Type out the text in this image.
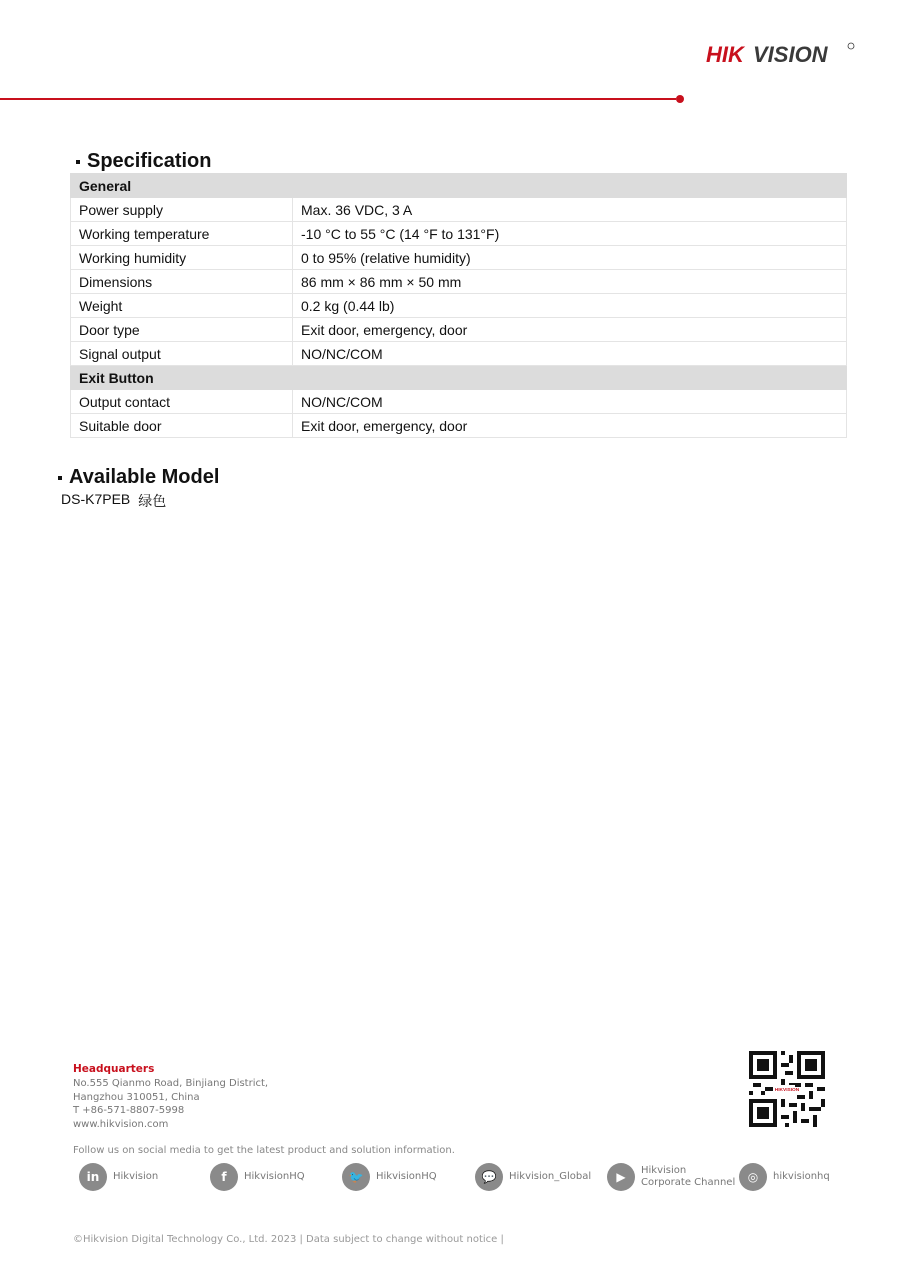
HIK VISION
Specification
General	
Power supply	Max. 36 VDC, 3 A
Working temperature	-10 °C to 55 °C (14 °F to 131°F)
Working humidity	0 to 95% (relative humidity)
Dimensions	86 mm × 86 mm × 50 mm
Weight	0.2 kg (0.44 lb)
Door type	Exit door, emergency, door
Signal output	NO/NC/COM
Exit Button	
Output contact	NO/NC/COM
Suitable door	Exit door, emergency, door
Available Model
DS-K7PEB 绿色
Headquarters
No.555 Qianmo Road, Binjiang District,
Hangzhou 310051, China
T +86-571-8807-5998
www.hikvision.com
HIKVISION
Follow us on social media to get the latest product and solution information.
in	Hikvision	f	HikvisionHQ	🐦	HikvisionHQ	💬	Hikvision_Global	▶	Hikvision
Corporate Channel	◎	hikvisionhq
©Hikvision Digital Technology Co., Ltd. 2023 | Data subject to change without notice |
